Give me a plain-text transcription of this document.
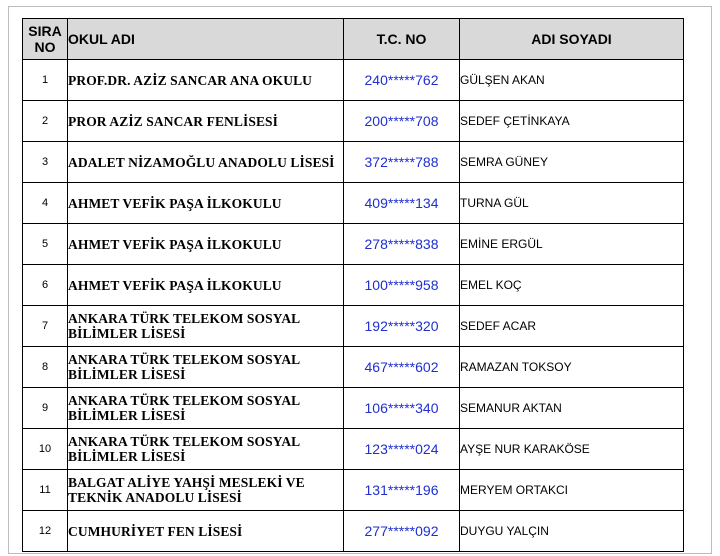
SIRA
NO	OKUL ADI	T.C. NO	ADI SOYADI
1	PROF.DR. AZİZ SANCAR ANA OKULU	240*****762	GÜLŞEN AKAN
2	PROR AZİZ SANCAR FENLİSESİ	200*****708	SEDEF ÇETİNKAYA
3	ADALET NİZAMOĞLU ANADOLU LİSESİ	372*****788	SEMRA GÜNEY
4	AHMET VEFİK PAŞA İLKOKULU	409*****134	TURNA GÜL
5	AHMET VEFİK PAŞA İLKOKULU	278*****838	EMİNE ERGÜL
6	AHMET VEFİK PAŞA İLKOKULU	100*****958	EMEL KOÇ
7	ANKARA TÜRK TELEKOM SOSYAL BİLİMLER LİSESİ	192*****320	SEDEF ACAR
8	ANKARA TÜRK TELEKOM SOSYAL BİLİMLER LİSESİ	467*****602	RAMAZAN TOKSOY
9	ANKARA TÜRK TELEKOM SOSYAL BİLİMLER LİSESİ	106*****340	SEMANUR AKTAN
10	ANKARA TÜRK TELEKOM SOSYAL BİLİMLER LİSESİ	123*****024	AYŞE NUR KARAKÖSE
11	BALGAT ALİYE YAHŞİ MESLEKİ VE TEKNİK ANADOLU LİSESİ	131*****196	MERYEM ORTAKCI
12	CUMHURİYET FEN LİSESİ	277*****092	DUYGU YALÇIN
